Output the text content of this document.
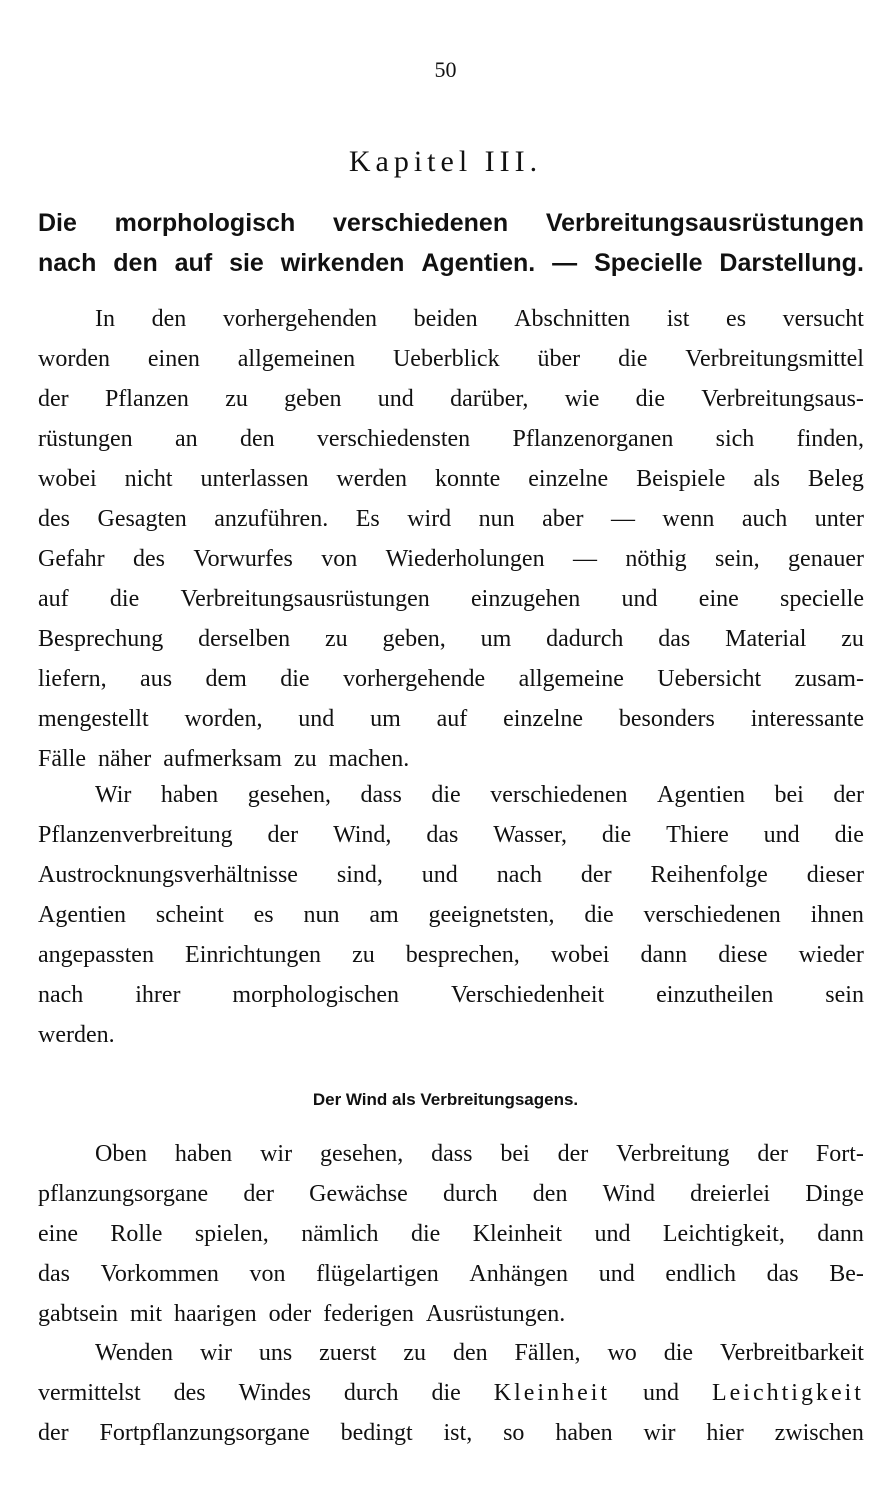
50
Kapitel III.
Die morphologisch verschiedenen Verbreitungsausrüstungen
nach den auf sie wirkenden Agentien. — Specielle Darstellung.
In den vorhergehenden beiden Abschnitten ist es versucht
worden einen allgemeinen Ueberblick über die Verbreitungsmittel
der Pflanzen zu geben und darüber, wie die Verbreitungsaus-
rüstungen an den verschiedensten Pflanzenorganen sich finden,
wobei nicht unterlassen werden konnte einzelne Beispiele als Beleg
des Gesagten anzuführen. Es wird nun aber — wenn auch unter
Gefahr des Vorwurfes von Wiederholungen — nöthig sein, genauer
auf die Verbreitungsausrüstungen einzugehen und eine specielle
Besprechung derselben zu geben, um dadurch das Material zu
liefern, aus dem die vorhergehende allgemeine Uebersicht zusam-
mengestellt worden, und um auf einzelne besonders interessante
Fälle näher aufmerksam zu machen.
Wir haben gesehen, dass die verschiedenen Agentien bei der
Pflanzenverbreitung der Wind, das Wasser, die Thiere und die
Austrocknungsverhältnisse sind, und nach der Reihenfolge dieser
Agentien scheint es nun am geeignetsten, die verschiedenen ihnen
angepassten Einrichtungen zu besprechen, wobei dann diese wieder
nach ihrer morphologischen Verschiedenheit einzutheilen sein
werden.
Der Wind als Verbreitungsagens.
Oben haben wir gesehen, dass bei der Verbreitung der Fort-
pflanzungsorgane der Gewächse durch den Wind dreierlei Dinge
eine Rolle spielen, nämlich die Kleinheit und Leichtigkeit, dann
das Vorkommen von flügelartigen Anhängen und endlich das Be-
gabtsein mit haarigen oder federigen Ausrüstungen.
Wenden wir uns zuerst zu den Fällen, wo die Verbreitbarkeit
vermittelst des Windes durch die Kleinheit und Leichtigkeit
der Fortpflanzungsorgane bedingt ist, so haben wir hier zwischen
